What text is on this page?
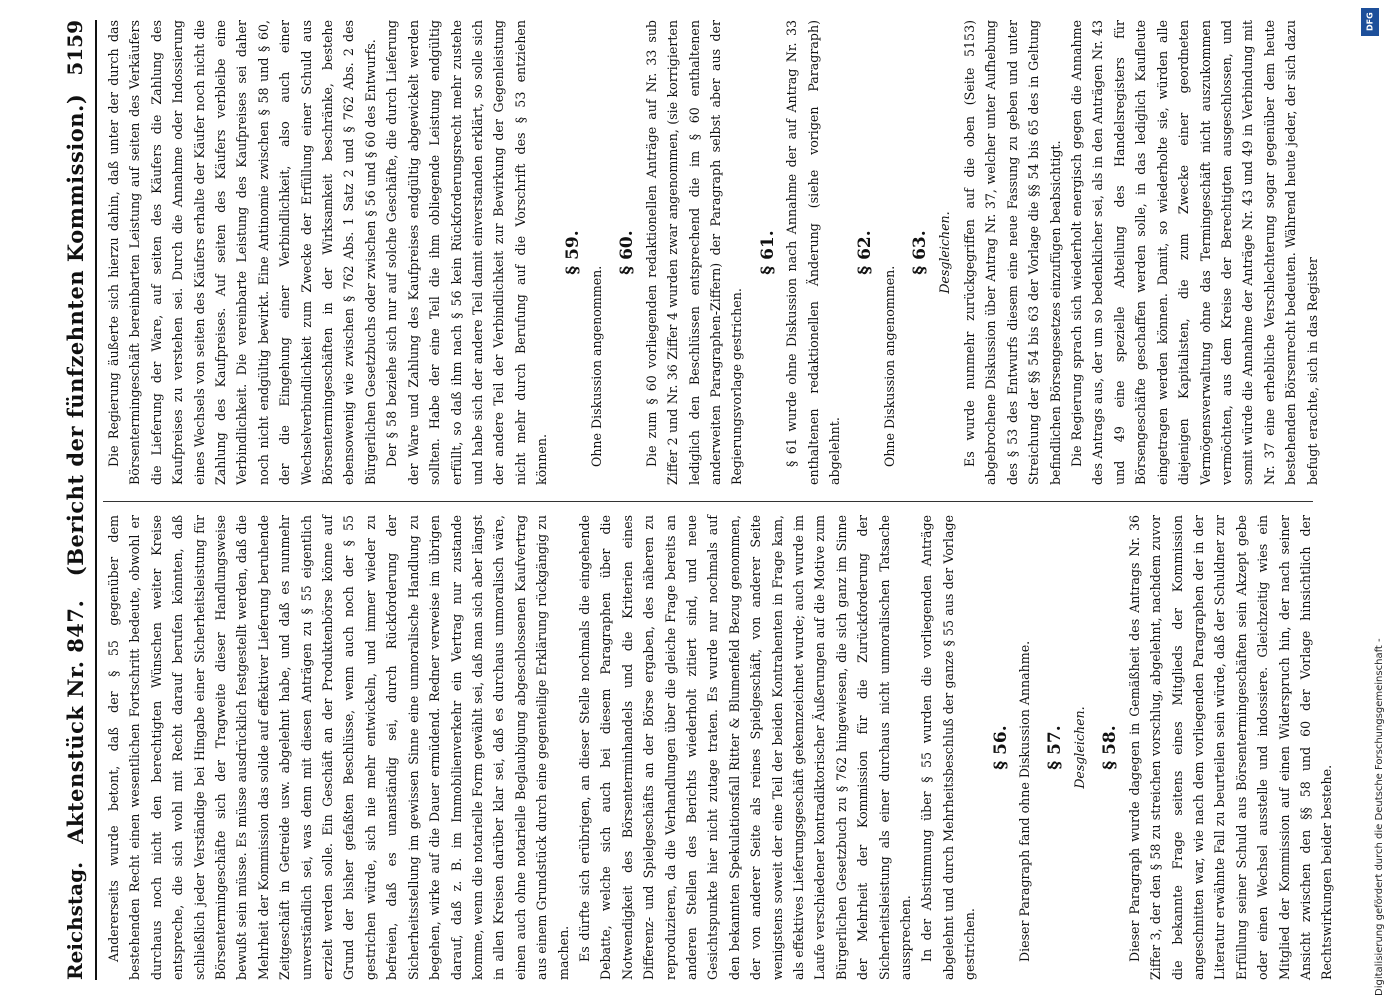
Reichstag.
Aktenstück Nr. 847.   (Bericht der fünfzehnten Kommission.)
5159

Andererseits wurde betont, daß der § 55 gegenüber dem bestehenden Recht einen wesentlichen Fortschritt bedeute, obwohl er durchaus noch nicht den berechtigten Wünschen weiter Kreise entspreche, die sich wohl mit Recht darauf berufen könnten, daß schließlich jeder Verständige bei Hingabe einer Sicherheitsleistung für Börsentermingeschäfte sich der Tragweite dieser Handlungsweise bewußt sein müsse. Es müsse ausdrücklich festgestellt werden, daß die Mehrheit der Kommission das solide auf effektiver Lieferung beruhende Zeitgeschäft in Getreide usw. abgelehnt habe, und daß es nunmehr unverständlich sei, was denn mit diesen Anträgen zu § 55 eigentlich erzielt werden solle. Ein Geschäft an der Produktenbörse könne auf Grund der bisher gefaßten Beschlüsse, wenn auch noch der § 55 gestrichen würde, sich nie mehr entwickeln, und immer wieder zu befreien, daß es unanständig sei, durch Rückforderung der Sicherheitsstellung im gewissen Sinne eine unmoralische Handlung zu begehen, wirke auf die Dauer ermüdend. Redner verweise im übrigen darauf, daß z. B. im Immobilienverkehr ein Vertrag nur zustande komme, wenn die notarielle Form gewählt sei, daß man sich aber längst in allen Kreisen darüber klar sei, daß es durchaus unmoralisch wäre, einen auch ohne notarielle Beglaubigung abgeschlossenen Kaufvertrag aus einem Grundstück durch eine gegenteilige Erklärung rückgängig zu machen. Es dürfte sich erübrigen, an dieser Stelle nochmals die eingehende Debatte, welche sich auch bei diesem Paragraphen über die Notwendigkeit des Börsenterminhandels und die Kriterien eines Differenz- und Spielgeschäfts an der Börse ergaben, des näheren zu reproduzieren, da die Verhandlungen über die gleiche Frage bereits an anderen Stellen des Berichts wiederholt zitiert sind, und neue Gesichtspunkte hier nicht zutage traten. Es wurde nur nochmals auf den bekannten Spekulationsfall Ritter & Blumenfeld Bezug genommen, der von anderer Seite als reines Spielgeschäft, von anderer Seite wenigstens soweit der eine Teil der beiden Kontrahenten in Frage kam, als effektives Lieferungsgeschäft gekennzeichnet wurde; auch wurde im Laufe verschiedener kontradiktorischer Äußerungen auf die Motive zum Bürgerlichen Gesetzbuch zu § 762 hingewiesen, die sich ganz im Sinne der Mehrheit der Kommission für die Zurückforderung der Sicherheitsleistung als einer durchaus nicht unmoralischen Tatsache aussprechen. In der Abstimmung über § 55 wurden die vorliegenden Anträge abgelehnt und durch Mehrheitsbeschluß der ganze § 55 aus der Vorlage gestrichen.

§ 56. Dieser Paragraph fand ohne Diskussion Annahme. § 57. Desgleichen. § 58. Dieser Paragraph wurde dagegen in Gemäßheit des Antrags Nr. 36 Ziffer 3, der den § 58 zu streichen vorschlug, abgelehnt, nachdem zuvor die bekannte Frage seitens eines Mitglieds der Kommission angeschnitten war, wie nach dem vorliegenden Paragraphen der in der Literatur erwähnte Fall zu beurteilen sein würde, daß der Schuldner zur Erfüllung seiner Schuld aus Börsentermingeschäften sein Akzept gebe oder einen Wechsel ausstelle und indossiere. Gleichzeitig wies ein Mitglied der Kommission auf einen Widerspruch hin, der nach seiner Ansicht zwischen den §§ 58 und 60 der Vorlage hinsichtlich der Rechtswirkungen beider bestehe.

Die Regierung äußerte sich hierzu dahin, daß unter der durch das Börsentermingeschäft bereinbarten Leistung auf seiten des Verkäufers die Lieferung der Ware, auf seiten des Käufers die Zahlung des Kaufpreises zu verstehen sei. Durch die Annahme oder Indossierung eines Wechsels von seiten des Käufers erhalte der Käufer noch nicht die Zahlung des Kaufpreises. Auf seiten des Käufers verbleibe eine Verbindlichkeit. Die vereinbarte Leistung des Kaufpreises sei daher noch nicht endgültig bewirkt. Eine Antinomie zwischen § 58 und § 60, der die Eingehung einer Verbindlichkeit, also auch einer Wechselverbindlichkeit zum Zwecke der Erfüllung einer Schuld aus Börsentermingeschäften in der Wirksamkeit beschränke, bestehe ebensowenig wie zwischen § 762 Abs. 1 Satz 2 und § 762 Abs. 2 des Bürgerlichen Gesetzbuchs oder zwischen § 56 und § 60 des Entwurfs. Der § 58 beziehe sich nur auf solche Geschäfte, die durch Lieferung der Ware und Zahlung des Kaufpreises endgültig abgewickelt werden sollten. Habe der eine Teil die ihm obliegende Leistung endgültig erfüllt, so daß ihm nach § 56 kein Rückforderungsrecht mehr zustehe und habe sich der andere Teil damit einverstanden erklärt, so solle sich der andere Teil der Verbindlichkeit zur Bewirkung der Gegenleistung nicht mehr durch Berufung auf die Vorschrift des § 53 entziehen können.

§ 59.

Ohne Diskussion angenommen.

§ 60. Die zum § 60 vorliegenden redaktionellen Anträge auf Nr. 33 sub Ziffer 2 und Nr. 36 Ziffer 4 wurden zwar angenommen, (sie korrigierten lediglich den Beschlüssen entsprechend die im § 60 enthaltenen anderweiten Paragraphen-Ziffern) der Paragraph selbst aber aus der Regierungsvorlage gestrichen.

§ 61. § 61 wurde ohne Diskussion nach Annahme der auf Antrag Nr. 33 enthaltenen redaktionellen Änderung (siehe vorigen Paragraph) abgelehnt.

§ 62.

Ohne Diskussion angenommen.

§ 63. Desgleichen. Es wurde nunmehr zurückgegriffen auf die oben (Seite 5153) abgebrochene Diskussion über Antrag Nr. 37, welcher unter Aufhebung des § 53 des Entwurfs diesem eine neue Fassung zu geben und unter Streichung der §§ 54 bis 63 der Vorlage die §§ 54 bis 65 des in Geltung befindlichen Börsengesetzes einzufügen beabsichtigt. Die Regierung sprach sich wiederholt energisch gegen die Annahme des Antrags aus, der um so bedenklicher sei, als in den Anträgen Nr. 43 und 49 eine spezielle Abteilung des Handelsregisters für Börsengeschäfte geschaffen werden solle, in das lediglich Kaufleute eingetragen werden können. Damit, so wiederholte sie, würden alle diejenigen Kapitalisten, die zum Zwecke einer geordneten Vermögensverwaltung ohne das Termingeschäft nicht auszukommen vermöchten, aus dem Kreise der Berechtigten ausgeschlossen, und somit würde die Annahme der Anträge Nr. 43 und 49 in Verbindung mit Nr. 37 eine erhebliche Verschlechterung sogar gegenüber dem heute bestehenden Börsenrecht bedeuten. Während heute jeder, der sich dazu befugt erachte, sich in das Register

DFG
Digitalisierung gefördert durch die Deutsche Forschungsgemeinschaft -
